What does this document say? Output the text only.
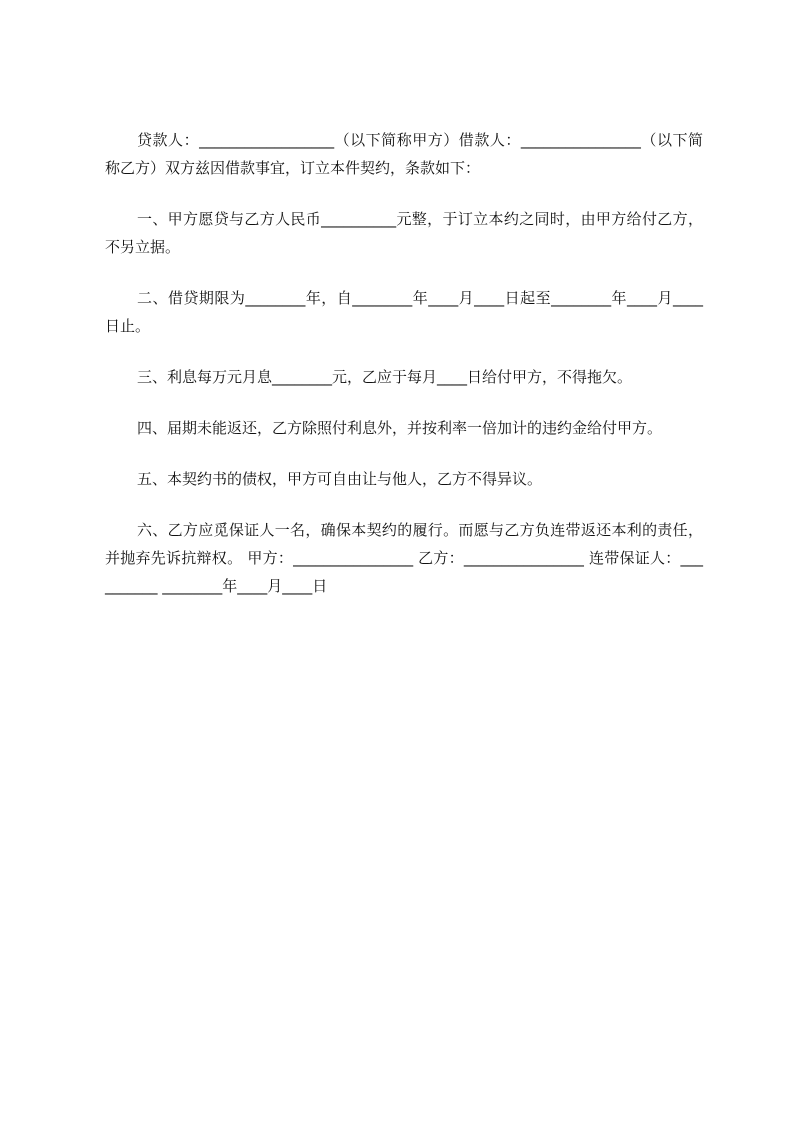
贷款人：__________________（以下简称甲方）借款人：________________（以下简称乙方）双方兹因借款事宜，订立本件契约，条款如下：

一、甲方愿贷与乙方人民币__________元整，于订立本约之同时，由甲方给付乙方，不另立据。

二、借贷期限为________年，自________年____月____日起至________年____月____日止。

三、利息每万元月息________元，乙应于每月____日给付甲方，不得拖欠。

四、届期未能返还，乙方除照付利息外，并按利率一倍加计的违约金给付甲方。

五、本契约书的债权，甲方可自由让与他人，乙方不得异议。

六、乙方应觅保证人一名，确保本契约的履行。而愿与乙方负连带返还本利的责任，并抛弃先诉抗辩权。 甲方：________________ 乙方：________________ 连带保证人：__________ ________年____月____日
